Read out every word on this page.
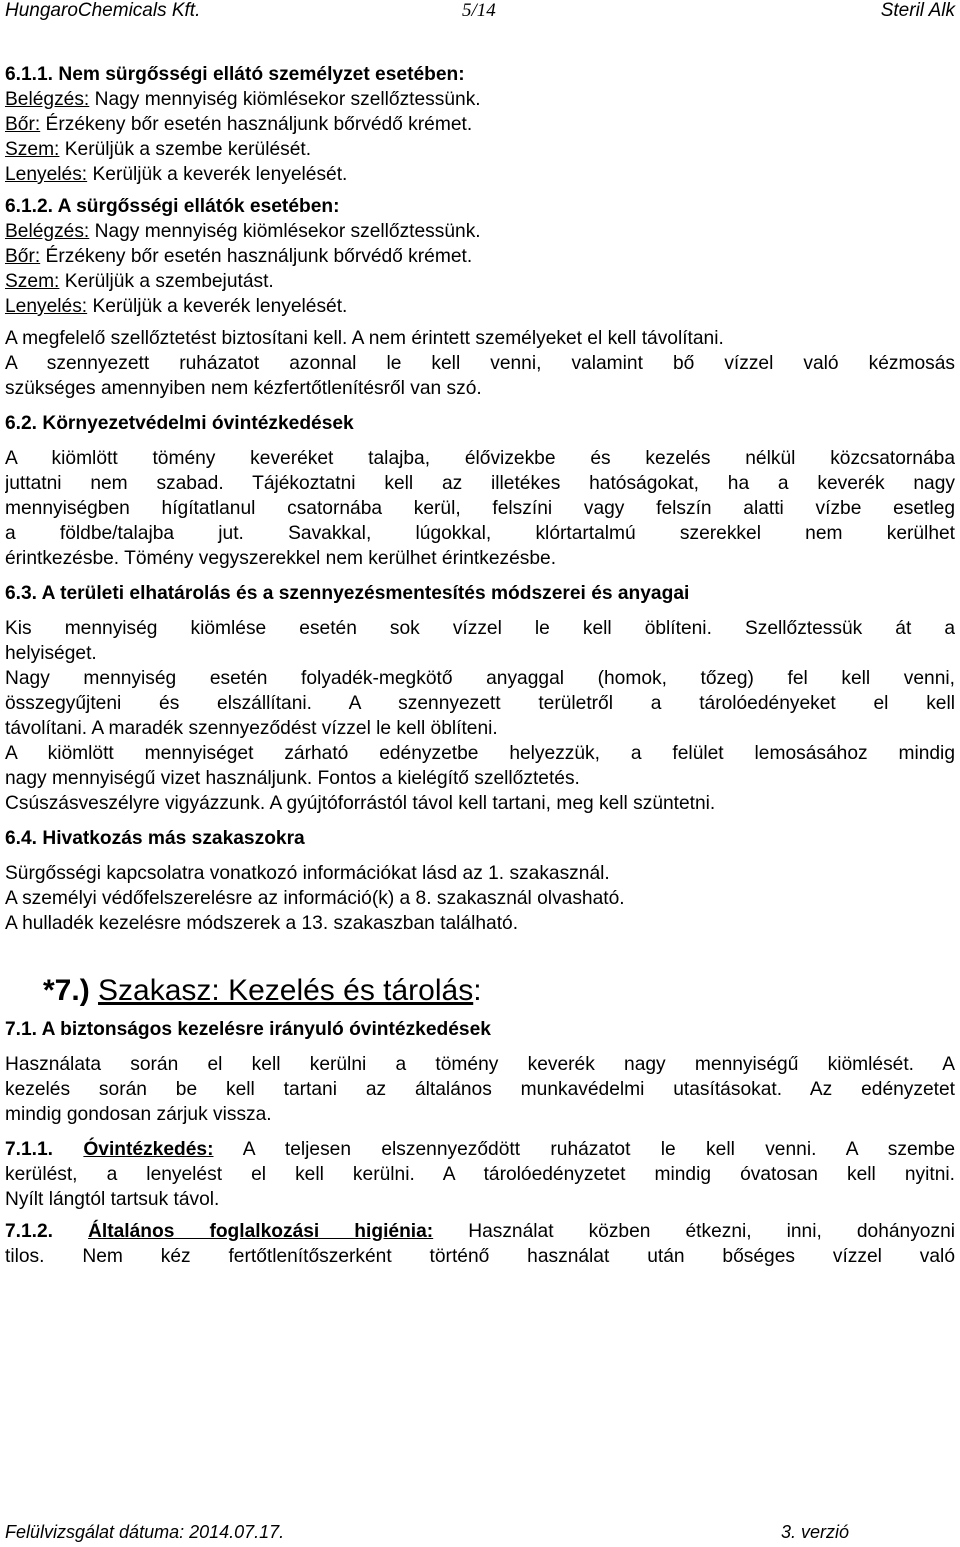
HungaroChemicals Kft.	5/14	Steril Alk
6.1.1. Nem sürgősségi ellátó személyzet esetében:
Belégzés: Nagy mennyiség kiömlésekor szellőztessünk.
Bőr: Érzékeny bőr esetén használjunk bőrvédő krémet.
Szem: Kerüljük a szembe kerülését.
Lenyelés: Kerüljük a keverék lenyelését.
6.1.2. A sürgősségi ellátók esetében:
Belégzés: Nagy mennyiség kiömlésekor szellőztessünk.
Bőr: Érzékeny bőr esetén használjunk bőrvédő krémet.
Szem: Kerüljük a szembejutást.
Lenyelés: Kerüljük a keverék lenyelését.
A megfelelő szellőztetést biztosítani kell. A nem érintett személyeket el kell távolítani.
A szennyezett ruházatot azonnal le kell venni, valamint bő vízzel való kézmosás
szükséges amennyiben nem kézfertőtlenítésről van szó.
6.2. Környezetvédelmi óvintézkedések
A kiömlött tömény keveréket talajba, élővizekbe és kezelés nélkül közcsatornába
juttatni nem szabad. Tájékoztatni kell az illetékes hatóságokat, ha a keverék nagy
mennyiségben hígítatlanul csatornába kerül, felszíni vagy felszín alatti vízbe esetleg
a földbe/talajba jut. Savakkal, lúgokkal, klórtartalmú szerekkel nem kerülhet
érintkezésbe. Tömény vegyszerekkel nem kerülhet érintkezésbe.
6.3. A területi elhatárolás és a szennyezésmentesítés módszerei és anyagai
Kis mennyiség kiömlése esetén sok vízzel le kell öblíteni. Szellőztessük át a
helyiséget.
Nagy mennyiség esetén folyadék-megkötő anyaggal (homok, tőzeg) fel kell venni,
összegyűjteni és elszállítani. A szennyezett területről a tárolóedényeket el kell
távolítani. A maradék szennyeződést vízzel le kell öblíteni.
A kiömlött mennyiséget zárható edényzetbe helyezzük, a felület lemosásához mindig
nagy mennyiségű vizet használjunk. Fontos a kielégítő szellőztetés.
Csúszásveszélyre vigyázzunk. A gyújtóforrástól távol kell tartani, meg kell szüntetni.
6.4. Hivatkozás más szakaszokra
Sürgősségi kapcsolatra vonatkozó információkat lásd az 1. szakasznál.
A személyi védőfelszerelésre az információ(k) a 8. szakasznál olvasható.
A hulladék kezelésre módszerek a 13. szakaszban található.
*7.) Szakasz: Kezelés és tárolás:
7.1. A biztonságos kezelésre irányuló óvintézkedések
Használata során el kell kerülni a tömény keverék nagy mennyiségű kiömlését. A
kezelés során be kell tartani az általános munkavédelmi utasításokat. Az edényzetet
mindig gondosan zárjuk vissza.
7.1.1. Óvintézkedés: A teljesen elszennyeződött ruházatot le kell venni. A szembe
kerülést, a lenyelést el kell kerülni. A tárolóedényzetet mindig óvatosan kell nyitni.
Nyílt lángtól tartsuk távol.
7.1.2. Általános foglalkozási higiénia: Használat közben étkezni, inni, dohányozni
tilos. Nem kéz fertőtlenítőszerként történő használat után bőséges vízzel való
Felülvizsgálat dátuma: 2014.07.17.	3. verzió
